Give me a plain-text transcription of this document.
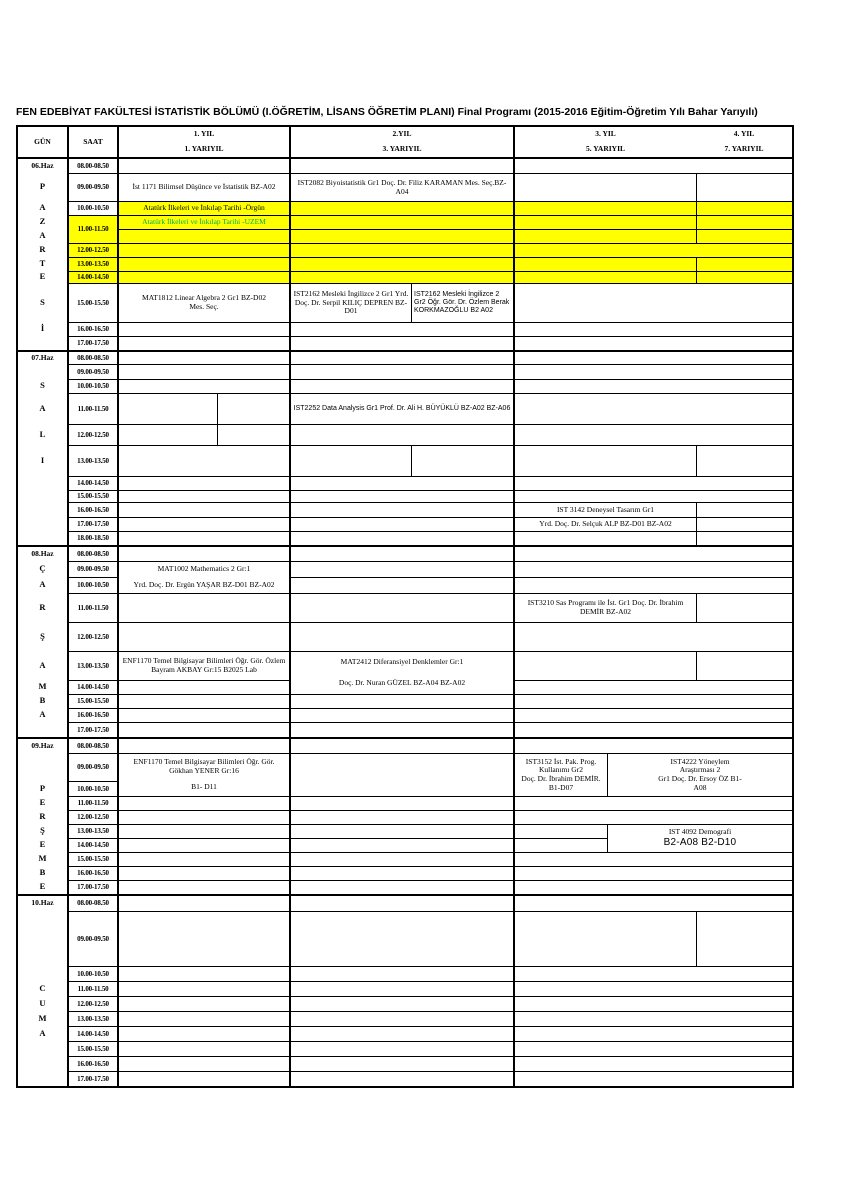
FEN EDEBİYAT FAKÜLTESİ İSTATİSTİK BÖLÜMÜ (I.ÖĞRETİM, LİSANS ÖĞRETİM PLANI) Final Programı (2015-2016 Eğitim-Öğretim Yılı Bahar Yarıyılı)
GÜN	SAAT
1. YIL
1. YARIYIL
2.YIL
3. YARIYIL
3. YIL
5. YARIYIL
4. YIL
7. YARIYIL
06.Haz
P
A
Z
A
R
T
E
S
İ
08.00-08.50
09.00-09.50
10.00-10.50
11.00-11.50
12.00-12.50
13.00-13.50
14.00-14.50
15.00-15.50
16.00-16.50
17.00-17.50
İst 1171 Bilimsel Düşünce ve İstatistik BZ-A02	IST2082 Biyoistatistik Gr1 Doç. Dr. Filiz KARAMAN Mes. Seç.BZ-A04
Atatürk İlkeleri ve İnkılap Tarihi -Örgün
Atatürk İlkeleri ve İnkılap Tarihi -UZEM
MAT1812 Linear Algebra 2 Gr1 BZ-D02
Mes. Seç.
IST2162 Mesleki İngilizce 2 Gr1 Yrd. Doç. Dr. Serpil KILIÇ DEPREN BZ-D01
IST2162 Mesleki İngilizce 2 Gr2 Öğr. Gör. Dr. Özlem Berak KORKMAZOĞLU B2 A02
07.Haz
S
A
L
I
08.00-08.50
09.00-09.50
10.00-10.50
11.00-11.50
12.00-12.50
13.00-13.50
14.00-14.50
15.00-15.50
16.00-16.50
17.00-17.50
18.00-18.50
IST2252 Data Analysis Gr1 Prof. Dr. Ali H. BÜYÜKLÜ BZ-A02 BZ-A06
IST 3142 Deneysel Tasarım Gr1
Yrd. Doç. Dr. Selçuk ALP BZ-D01 BZ-A02
08.Haz
Ç
A
R
Ş
A
M
B
A
08.00-08.50
09.00-09.50
10.00-10.50
11.00-11.50
12.00-12.50
13.00-13.50
14.00-14.50
15.00-15.50
16.00-16.50
17.00-17.50
MAT1002 Mathematics 2 Gr:1
Yrd. Doç. Dr. Ergün YAŞAR BZ-D01 BZ-A02
IST3210 Sas Programı ile İst. Gr1 Doç. Dr. İbrahim DEMİR BZ-A02
ENF1170 Temel Bilgisayar Bilimleri Öğr. Gör. Özlem Bayram AKBAY Gr:15 B2025 Lab
MAT2412 Diferansiyel Denklemler Gr:1
Doç. Dr. Nuran GÜZEL BZ-A04 BZ-A02
09.Haz
P
E
R
Ş
E
M
B
E
08.00-08.50
09.00-09.50
10.00-10.50
11.00-11.50
12.00-12.50
13.00-13.50
14.00-14.50
15.00-15.50
16.00-16.50
17.00-17.50
ENF1170 Temel Bilgisayar Bilimleri Öğr. Gör. Gökhan YENER Gr:16
B1- D11
IST3152 İst. Pak. Prog.
Kullanımı Gr2
Doç. Dr. İbrahim DEMİR.
B1-D07
IST4222 Yöneylem
Araştırması 2
Gr1 Doç. Dr. Ersoy ÖZ B1-
A08
IST 4092 Demografi
B2-A08 B2-D10
10.Haz
C
U
M
A
08.00-08.50
09.00-09.50
10.00-10.50
11.00-11.50
12.00-12.50
13.00-13.50
14.00-14.50
15.00-15.50
16.00-16.50
17.00-17.50
